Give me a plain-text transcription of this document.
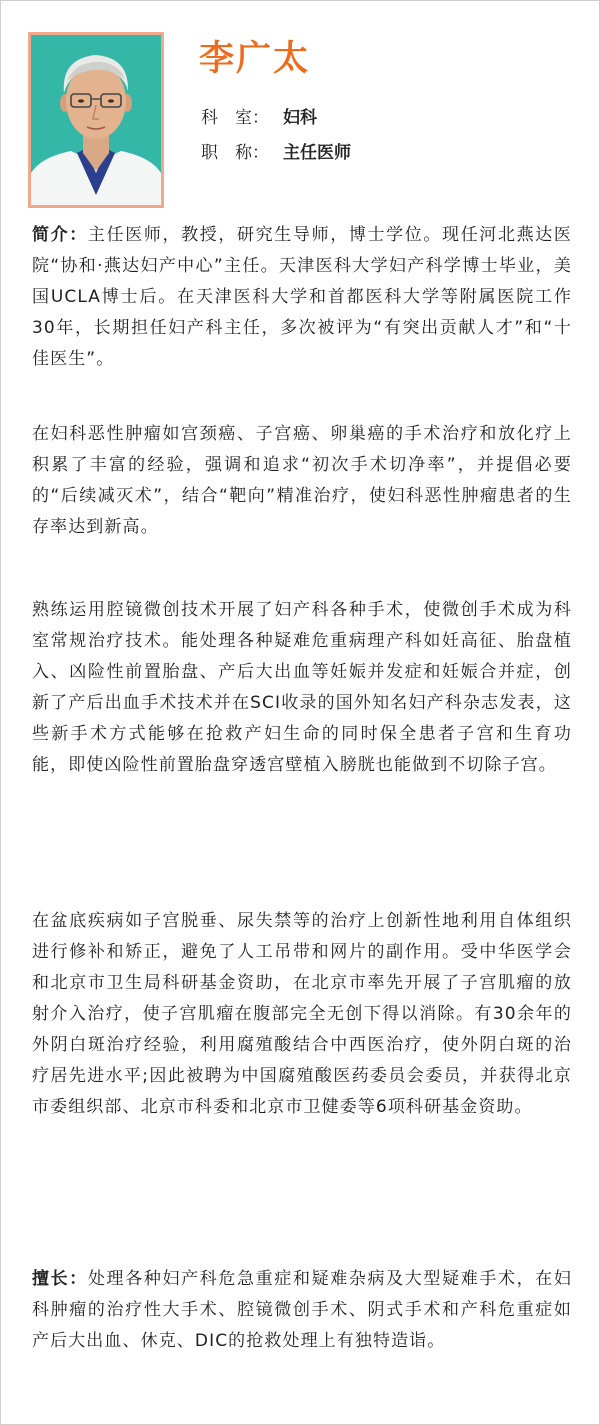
李广太
科　室： 妇科
职　称： 主任医师
简介：主任医师，教授，研究生导师，博士学位。现任河北燕达医院“协和·燕达妇产中心”主任。天津医科大学妇产科学博士毕业，美国UCLA博士后。在天津医科大学和首都医科大学等附属医院工作30年，长期担任妇产科主任，多次被评为“有突出贡献人才”和“十佳医生”。
在妇科恶性肿瘤如宫颈癌、子宫癌、卵巢癌的手术治疗和放化疗上积累了丰富的经验，强调和追求“初次手术切净率”，并提倡必要的“后续减灭术”，结合“靶向”精准治疗，使妇科恶性肿瘤患者的生存率达到新高。
熟练运用腔镜微创技术开展了妇产科各种手术，使微创手术成为科室常规治疗技术。能处理各种疑难危重病理产科如妊高征、胎盘植入、凶险性前置胎盘、产后大出血等妊娠并发症和妊娠合并症，创新了产后出血手术技术并在SCI收录的国外知名妇产科杂志发表，这些新手术方式能够在抢救产妇生命的同时保全患者子宫和生育功能，即使凶险性前置胎盘穿透宫壁植入膀胱也能做到不切除子宫。
在盆底疾病如子宫脱垂、尿失禁等的治疗上创新性地利用自体组织进行修补和矫正，避免了人工吊带和网片的副作用。受中华医学会和北京市卫生局科研基金资助，在北京市率先开展了子宫肌瘤的放射介入治疗，使子宫肌瘤在腹部完全无创下得以消除。有30余年的外阴白斑治疗经验，利用腐殖酸结合中西医治疗，使外阴白斑的治疗居先进水平;因此被聘为中国腐殖酸医药委员会委员，并获得北京市委组织部、北京市科委和北京市卫健委等6项科研基金资助。
擅长：处理各种妇产科危急重症和疑难杂病及大型疑难手术，在妇科肿瘤的治疗性大手术、腔镜微创手术、阴式手术和产科危重症如产后大出血、休克、DIC的抢救处理上有独特造诣。
